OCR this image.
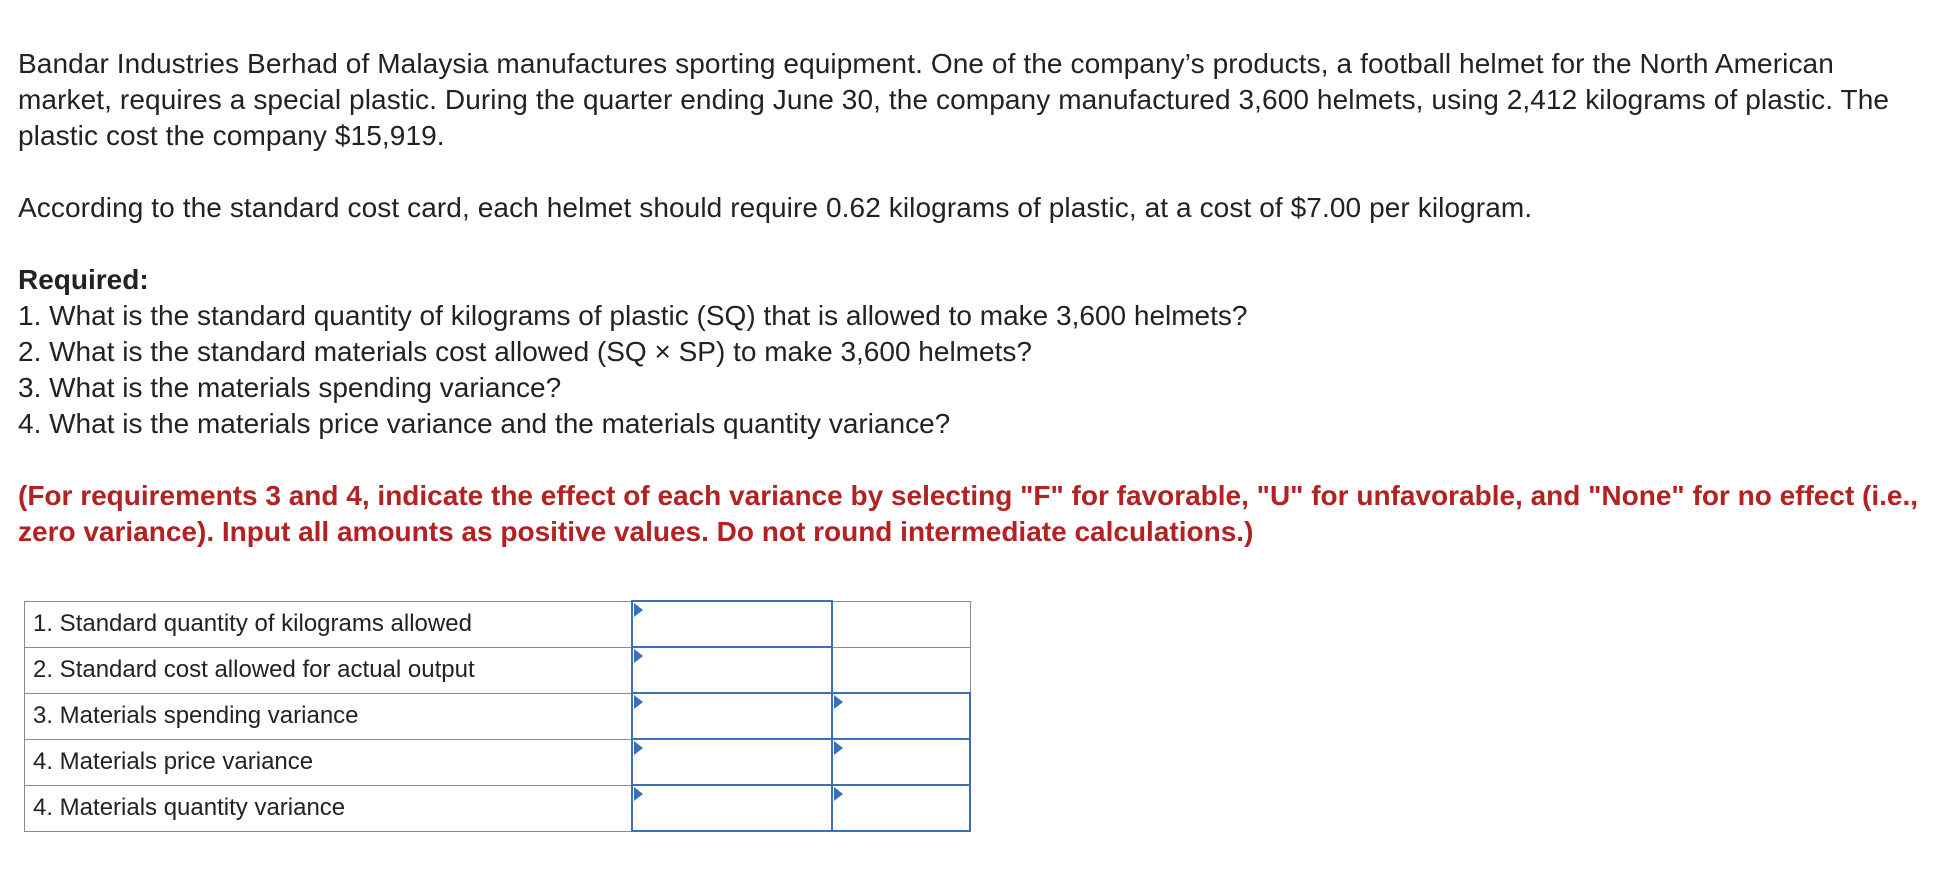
Bandar Industries Berhad of Malaysia manufactures sporting equipment. One of the company’s products, a football helmet for the North American market, requires a special plastic. During the quarter ending June 30, the company manufactured 3,600 helmets, using 2,412 kilograms of plastic. The plastic cost the company $15,919.

According to the standard cost card, each helmet should require 0.62 kilograms of plastic, at a cost of $7.00 per kilogram.

Required:

1. What is the standard quantity of kilograms of plastic (SQ) that is allowed to make 3,600 helmets?
2. What is the standard materials cost allowed (SQ × SP) to make 3,600 helmets?
3. What is the materials spending variance?
4. What is the materials price variance and the materials quantity variance?

(For requirements 3 and 4, indicate the effect of each variance by selecting "F" for favorable, "U" for unfavorable, and "None" for no effect (i.e., zero variance). Input all amounts as positive values. Do not round intermediate calculations.)

1. Standard quantity of kilograms allowed	

2. Standard cost allowed for actual output	

3. Materials spending variance	

4. Materials price variance	

4. Materials quantity variance	
